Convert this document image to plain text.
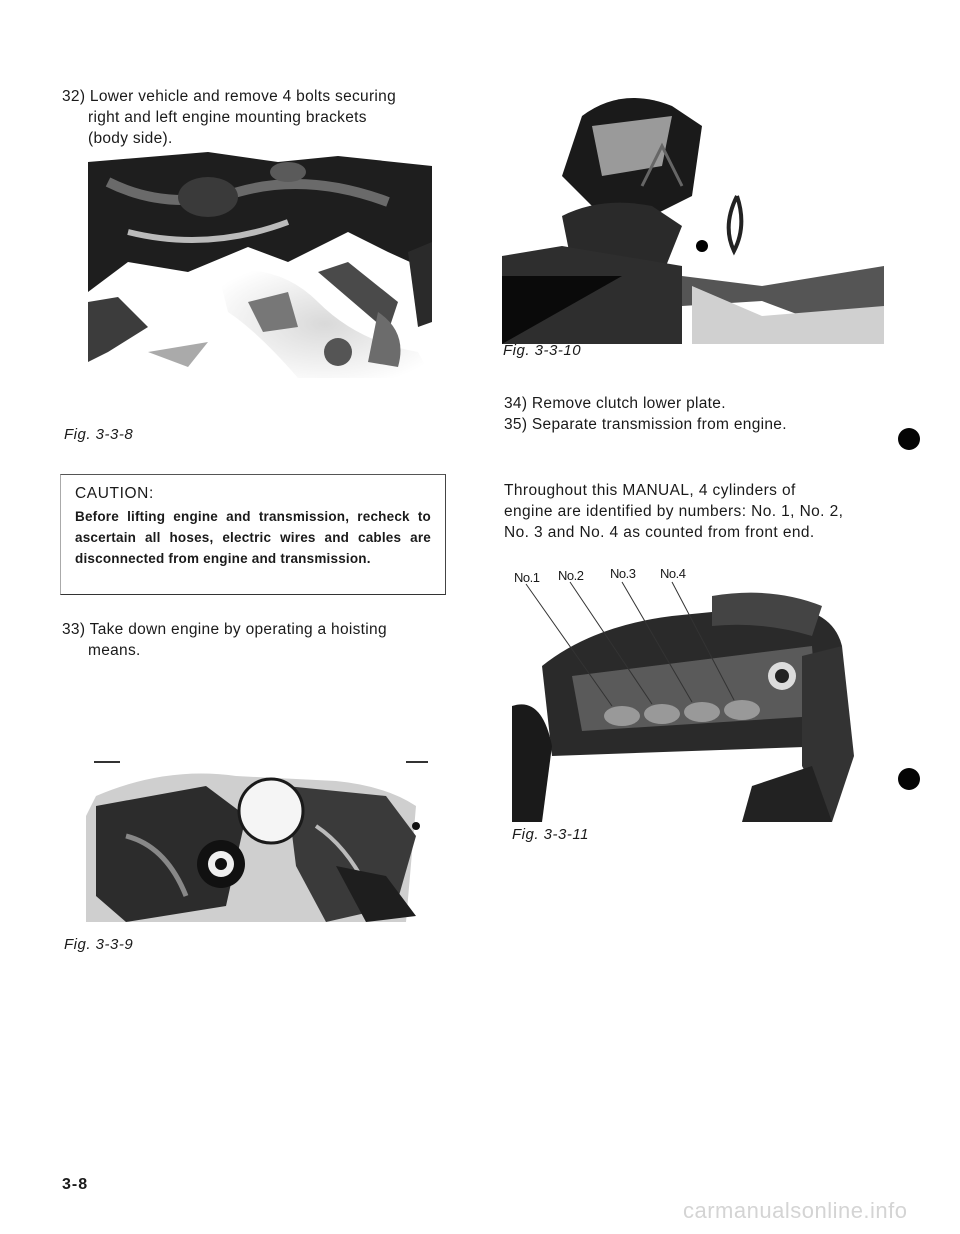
32) Lower vehicle and remove 4 bolts securing
right and left engine mounting brackets
(body side).
Fig. 3-3-8
CAUTION:
Before lifting engine and transmission, recheck to ascertain all hoses, electric wires and cables are disconnected from engine and transmission.
33) Take down engine by operating a hoisting
means.
Fig. 3-3-9
Fig. 3-3-10
34) Remove clutch lower plate.
35) Separate transmission from engine.
Throughout this MANUAL, 4 cylinders of
engine are identified by numbers: No. 1, No. 2,
No. 3 and No. 4 as counted from front end.
No.1 No.2 No.3 No.4
Fig. 3-3-11
3-8
carmanualsonline.info
